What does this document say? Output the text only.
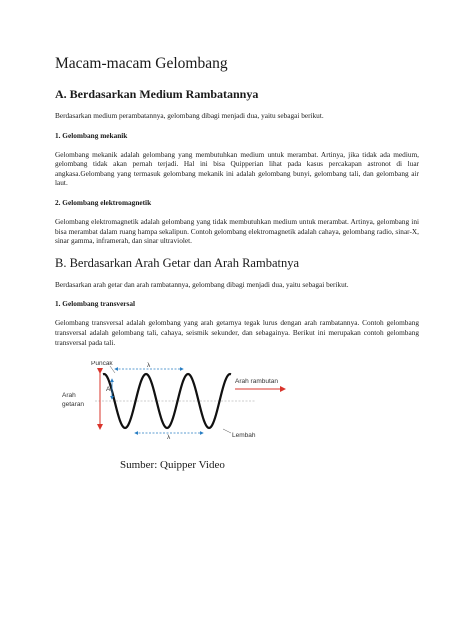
Macam-macam Gelombang
A. Berdasarkan Medium Rambatannya

Berdasarkan medium perambatannya, gelombang dibagi menjadi dua, yaitu sebagai berikut.

1. Gelombang mekanik

Gelombang mekanik adalah gelombang yang membutuhkan medium untuk merambat. Artinya, jika tidak ada medium, gelombang tidak akan pernah terjadi. Hal ini bisa Quipperian lihat pada kasus percakapan astronot di luar angkasa.Gelombang yang termasuk gelombang mekanik ini adalah gelombang bunyi, gelombang tali, dan gelombang air laut.

2. Gelombang elektromagnetik

Gelombang elektromagnetik adalah gelombang yang tidak membutuhkan medium untuk merambat. Artinya, gelombang ini bisa merambat dalam ruang hampa sekalipun. Contoh gelombang elektromagnetik adalah cahaya, gelombang radio, sinar-X, sinar gamma, inframerah, dan sinar ultraviolet.

B. Berdasarkan Arah Getar dan Arah Rambatnya

Berdasarkan arah getar dan arah rambatannya, gelombang dibagi menjadi dua, yaitu sebagai berikut.

1. Gelombang transversal

Gelombang transversal adalah gelombang yang arah getarnya tegak lurus dengan arah rambatannya. Contoh gelombang transversal adalah gelombang tali, cahaya, seismik sekunder, dan sebagainya. Berikut ini merupakan contoh gelombang transversal pada tali.

Puncak
Arah
getaran
λ
λ
A
Arah rambutan
Lembah
Sumber: Quipper Video
